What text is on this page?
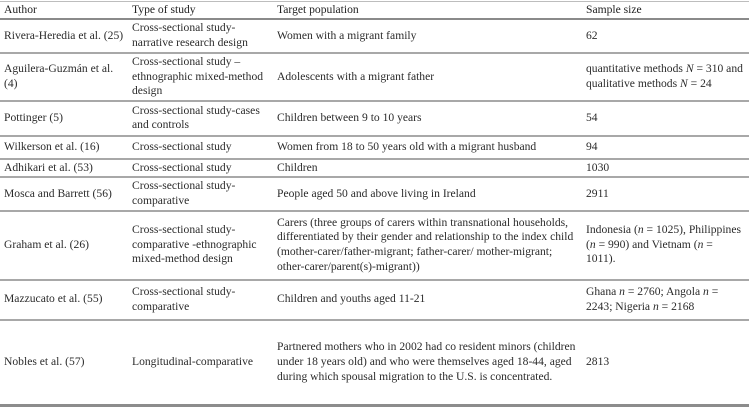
Author	Type of study	Target population	Sample size
Rivera-Heredia et al. (25)	Cross-sectional study-narrative research design	Women with a migrant family	62
Aguilera-Guzmán et al. (4)	Cross-sectional study – ethnographic mixed-method design	Adolescents with a migrant father	quantitative methods N = 310 and qualitative methods N = 24
Pottinger (5)	Cross-sectional study-cases and controls	Children between 9 to 10 years	54
Wilkerson et al. (16)	Cross-sectional study	Women from 18 to 50 years old with a migrant husband	94
Adhikari et al. (53)	Cross-sectional study	Children	1030
Mosca and Barrett (56)	Cross-sectional study-comparative	People aged 50 and above living in Ireland	2911
Graham et al. (26)	Cross-sectional study-comparative -ethnographic mixed-method design	Carers (three groups of carers within transnational households, differentiated by their gender and relationship to the index child (mother-carer/father-migrant; father-carer/ mother-migrant; other-carer/parent(s)-migrant))	Indonesia (n = 1025), Philippines (n = 990) and Vietnam (n = 1011).
Mazzucato et al. (55)	Cross-sectional study-comparative	Children and youths aged 11-21	Ghana n = 2760; Angola n = 2243; Nigeria n = 2168
Nobles et al. (57)	Longitudinal-comparative	Partnered mothers who in 2002 had co resident minors (children under 18 years old) and who were themselves aged 18-44, aged during which spousal migration to the U.S. is concentrated.	2813
